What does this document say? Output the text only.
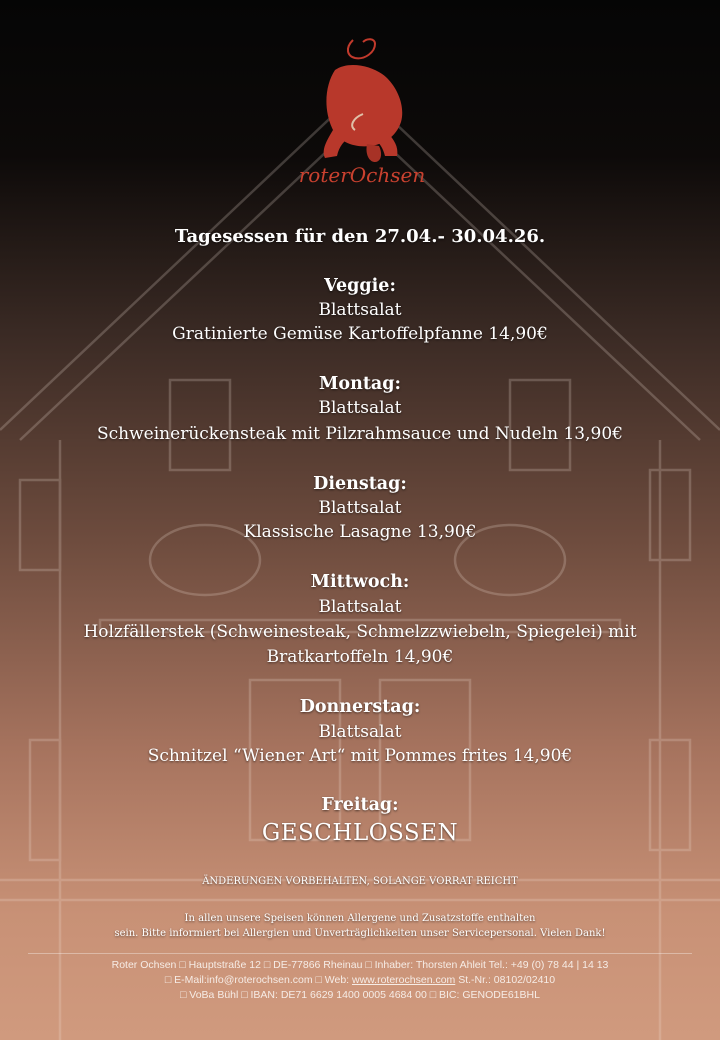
roterOchsen
Tagesessen für den 27.04.- 30.04.26.
Veggie:
Blattsalat
Gratinierte Gemüse Kartoffelpfanne 14,90€
Montag:
Blattsalat
Schweinerückensteak mit Pilzrahmsauce und Nudeln 13,90€
Dienstag:
Blattsalat
Klassische Lasagne 13,90€
Mittwoch:
Blattsalat
Holzfällerstek (Schweinesteak, Schmelzzwiebeln, Spiegelei) mit
Bratkartoffeln 14,90€
Donnerstag:
Blattsalat
Schnitzel “Wiener Art“ mit Pommes frites 14,90€
Freitag:
GESCHLOSSEN
ÄNDERUNGEN VORBEHALTEN, SOLANGE VORRAT REICHT
In allen unsere Speisen können Allergene und Zusatzstoffe enthalten
sein. Bitte informiert bei Allergien und Unverträglichkeiten unser Servicepersonal. Vielen Dank!
Roter Ochsen □ Hauptstraße 12 □ DE-77866 Rheinau □ Inhaber: Thorsten Ahleit Tel.: +49 (0) 78 44 | 14 13
□ E-Mail:info@roterochsen.com □ Web: www.roterochsen.com St.-Nr.: 08102/02410
□ VoBa Bühl □ IBAN: DE71 6629 1400 0005 4684 00 □ BIC: GENODE61BHL
